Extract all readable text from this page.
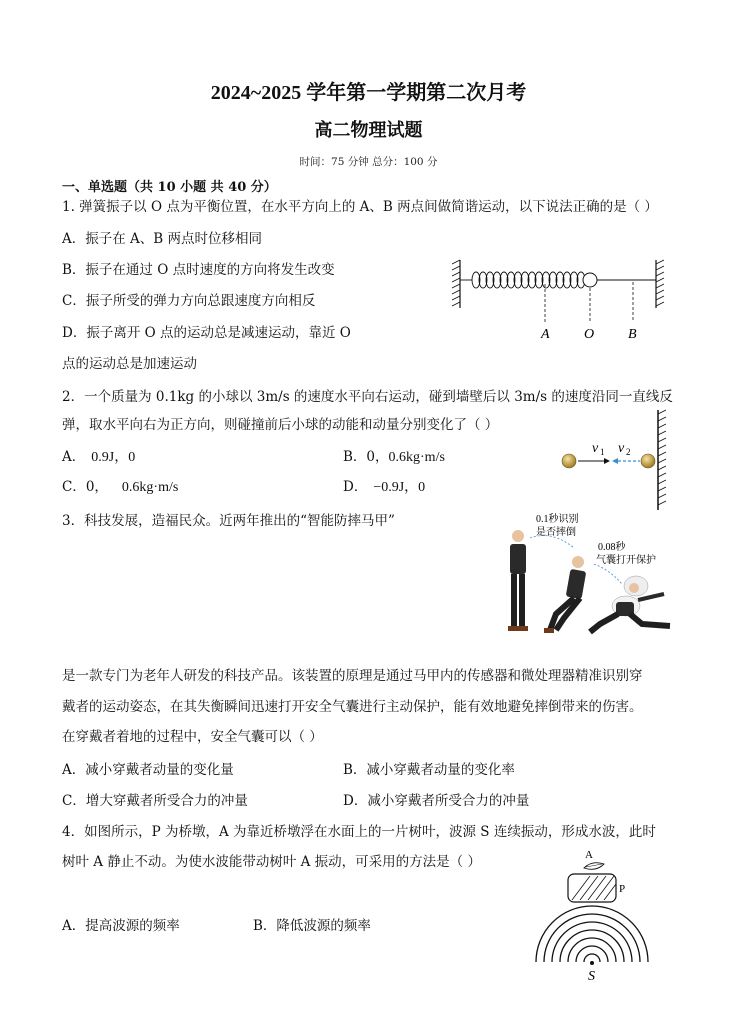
2024~2025 学年第一学期第二次月考
高二物理试题
时间：75 分钟 总分：100 分
一、单选题（共 10 小题 共 40 分）
1. 弹簧振子以 O 点为平衡位置，在水平方向上的 A、B 两点间做简谐运动，以下说法正确的是（ ）
A．振子在 A、B 两点时位移相同
B．振子在通过 O 点时速度的方向将发生改变
C．振子所受的弹力方向总跟速度方向相反
D．振子离开 O 点的运动总是减速运动，靠近 O
点的运动总是加速运动
A O B
2．一个质量为 0.1kg 的小球以 3m/s 的速度水平向右运动，碰到墙壁后以 3m/s 的速度沿同一直线反
弹，取水平向右为正方向，则碰撞前后小球的动能和动量分别变化了（ ）
A． 0.9J，0	B．0，0.6kg·m/s
C．0， 0.6kg·m/s	D． −0.9J，0
v 1 v 2
3．科技发展，造福民众。近两年推出的“智能防摔马甲”	0.1秒识别
是否摔倒
0.08秒
气囊打开保护
是一款专门为老年人研发的科技产品。该装置的原理是通过马甲内的传感器和微处理器精准识别穿
戴者的运动姿态，在其失衡瞬间迅速打开安全气囊进行主动保护，能有效地避免摔倒带来的伤害。
在穿戴者着地的过程中，安全气囊可以（ ）
A．减小穿戴者动量的变化量	B．减小穿戴者动量的变化率
C．增大穿戴者所受合力的冲量	D．减小穿戴者所受合力的冲量
4．如图所示，P 为桥墩，A 为靠近桥墩浮在水面上的一片树叶，波源 S 连续振动，形成水波，此时
树叶 A 静止不动。为使水波能带动树叶 A 振动，可采用的方法是（ ）
A．提高波源的频率	B．降低波源的频率
A
P
S
